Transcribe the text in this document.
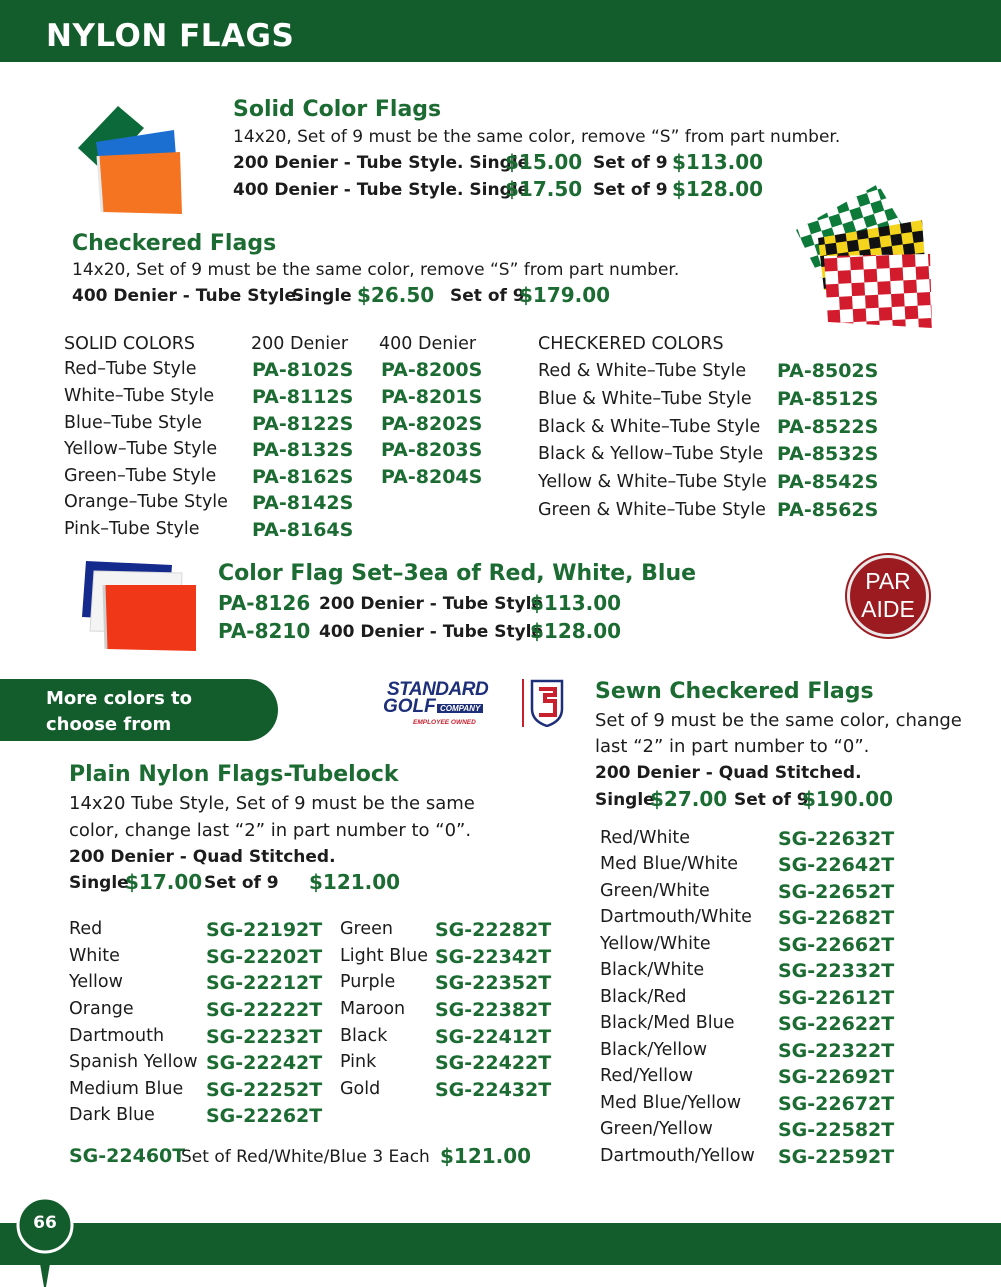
NYLON FLAGS
Solid Color Flags
14x20, Set of 9 must be the same color, remove “S” from part number.
200 Denier - Tube Style. Single
$15.00 Set of 9 $113.00
400 Denier - Tube Style. Single
$17.50 Set of 9 $128.00
Checkered Flags
14x20, Set of 9 must be the same color, remove “S” from part number.
400 Denier - Tube Style.
Single $26.50 Set of 9
$179.00
SOLID COLORS	200 Denier 400 Denier
Red–Tube Style	PA-8102S PA-8200S
White–Tube Style PA-8112S PA-8201S
Blue–Tube Style	PA-8122S PA-8202S
Yellow–Tube Style PA-8132S PA-8203S
Green–Tube Style PA-8162S PA-8204S
Orange–Tube Style PA-8142S
Pink–Tube Style	PA-8164S
CHECKERED COLORS
Red & White–Tube Style PA-8502S
Blue & White–Tube Style PA-8512S
Black & White–Tube Style PA-8522S
Black & Yellow–Tube Style PA-8532S
Yellow & White–Tube Style PA-8542S
Green & White–Tube Style PA-8562S
Color Flag Set–3ea of Red, White, Blue
PA-8126 200 Denier - Tube Style
$113.00
PA-8210 400 Denier - Tube Style
$128.00
PAR
AIDE
More colors to
choose from
STANDARD
GOLF COMPANY
EMPLOYEE OWNED
Plain Nylon Flags-Tubelock
14x20 Tube Style, Set of 9 must be the same
color, change last “2” in part number to “0”.
200 Denier - Quad Stitched.
Single
$17.00 Set of 9 $121.00
Red	SG-22192T
White	SG-22202T
Yellow	SG-22212T
Orange	SG-22222T
Dartmouth SG-22232T
Spanish Yellow SG-22242T
Medium Blue SG-22252T
Dark Blue	SG-22262T
Green SG-22282T
Light Blue SG-22342T
Purple SG-22352T
Maroon SG-22382T
Black	SG-22412T
Pink	SG-22422T
Gold	SG-22432T
SG-22460T
Set of Red/White/Blue 3 Each $121.00
Sewn Checkered Flags
Set of 9 must be the same color, change
last “2” in part number to “0”.
200 Denier - Quad Stitched.
Single
$27.00 Set of 9
$190.00
Red/White	SG-22632T
Med Blue/White SG-22642T
Green/White	SG-22652T
Dartmouth/White SG-22682T
Yellow/White	SG-22662T
Black/White	SG-22332T
Black/Red	SG-22612T
Black/Med Blue SG-22622T
Black/Yellow	SG-22322T
Red/Yellow	SG-22692T
Med Blue/Yellow SG-22672T
Green/Yellow	SG-22582T
Dartmouth/Yellow SG-22592T
66
